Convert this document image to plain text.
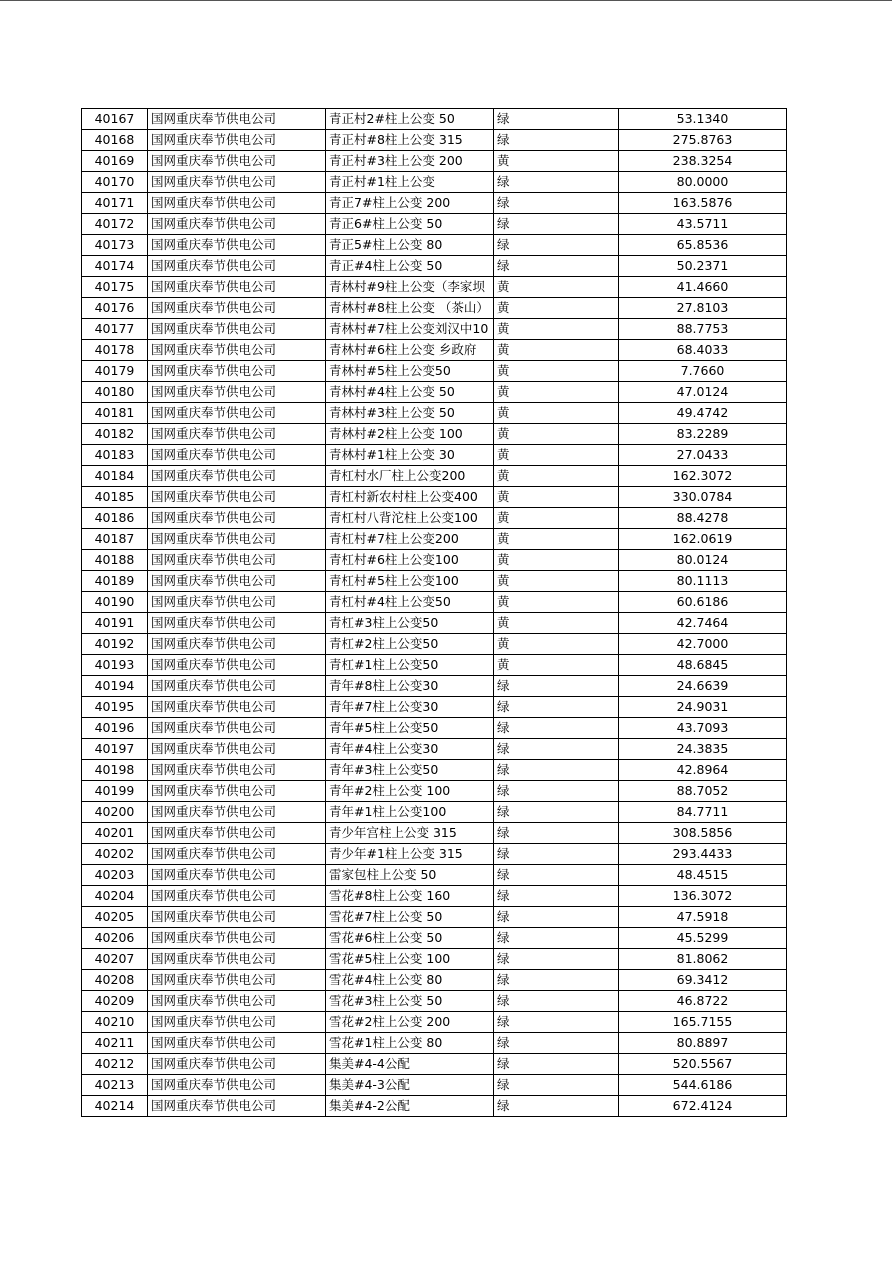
40167	国网重庆奉节供电公司	青正村2#柱上公变 50	绿	53.1340
40168	国网重庆奉节供电公司	青正村#8柱上公变 315	绿	275.8763
40169	国网重庆奉节供电公司	青正村#3柱上公变 200	黄	238.3254
40170	国网重庆奉节供电公司	青正村#1柱上公变	绿	80.0000
40171	国网重庆奉节供电公司	青正7#柱上公变 200	绿	163.5876
40172	国网重庆奉节供电公司	青正6#柱上公变 50	绿	43.5711
40173	国网重庆奉节供电公司	青正5#柱上公变 80	绿	65.8536
40174	国网重庆奉节供电公司	青正#4柱上公变 50	绿	50.2371
40175	国网重庆奉节供电公司	青林村#9柱上公变（李家坝	黄	41.4660
40176	国网重庆奉节供电公司	青林村#8柱上公变 （茶山）	黄	27.8103
40177	国网重庆奉节供电公司	青林村#7柱上公变刘汉中10	黄	88.7753
40178	国网重庆奉节供电公司	青林村#6柱上公变 乡政府	黄	68.4033
40179	国网重庆奉节供电公司	青林村#5柱上公变50	黄	7.7660
40180	国网重庆奉节供电公司	青林村#4柱上公变 50	黄	47.0124
40181	国网重庆奉节供电公司	青林村#3柱上公变 50	黄	49.4742
40182	国网重庆奉节供电公司	青林村#2柱上公变 100	黄	83.2289
40183	国网重庆奉节供电公司	青林村#1柱上公变 30	黄	27.0433
40184	国网重庆奉节供电公司	青杠村水厂柱上公变200	黄	162.3072
40185	国网重庆奉节供电公司	青杠村新农村柱上公变400	黄	330.0784
40186	国网重庆奉节供电公司	青杠村八背沱柱上公变100	黄	88.4278
40187	国网重庆奉节供电公司	青杠村#7柱上公变200	黄	162.0619
40188	国网重庆奉节供电公司	青杠村#6柱上公变100	黄	80.0124
40189	国网重庆奉节供电公司	青杠村#5柱上公变100	黄	80.1113
40190	国网重庆奉节供电公司	青杠村#4柱上公变50	黄	60.6186
40191	国网重庆奉节供电公司	青杠#3柱上公变50	黄	42.7464
40192	国网重庆奉节供电公司	青杠#2柱上公变50	黄	42.7000
40193	国网重庆奉节供电公司	青杠#1柱上公变50	黄	48.6845
40194	国网重庆奉节供电公司	青年#8柱上公变30	绿	24.6639
40195	国网重庆奉节供电公司	青年#7柱上公变30	绿	24.9031
40196	国网重庆奉节供电公司	青年#5柱上公变50	绿	43.7093
40197	国网重庆奉节供电公司	青年#4柱上公变30	绿	24.3835
40198	国网重庆奉节供电公司	青年#3柱上公变50	绿	42.8964
40199	国网重庆奉节供电公司	青年#2柱上公变 100	绿	88.7052
40200	国网重庆奉节供电公司	青年#1柱上公变100	绿	84.7711
40201	国网重庆奉节供电公司	青少年宫柱上公变 315	绿	308.5856
40202	国网重庆奉节供电公司	青少年#1柱上公变 315	绿	293.4433
40203	国网重庆奉节供电公司	雷家包柱上公变 50	绿	48.4515
40204	国网重庆奉节供电公司	雪花#8柱上公变 160	绿	136.3072
40205	国网重庆奉节供电公司	雪花#7柱上公变 50	绿	47.5918
40206	国网重庆奉节供电公司	雪花#6柱上公变 50	绿	45.5299
40207	国网重庆奉节供电公司	雪花#5柱上公变 100	绿	81.8062
40208	国网重庆奉节供电公司	雪花#4柱上公变 80	绿	69.3412
40209	国网重庆奉节供电公司	雪花#3柱上公变 50	绿	46.8722
40210	国网重庆奉节供电公司	雪花#2柱上公变 200	绿	165.7155
40211	国网重庆奉节供电公司	雪花#1柱上公变 80	绿	80.8897
40212	国网重庆奉节供电公司	集美#4-4公配	绿	520.5567
40213	国网重庆奉节供电公司	集美#4-3公配	绿	544.6186
40214	国网重庆奉节供电公司	集美#4-2公配	绿	672.4124
